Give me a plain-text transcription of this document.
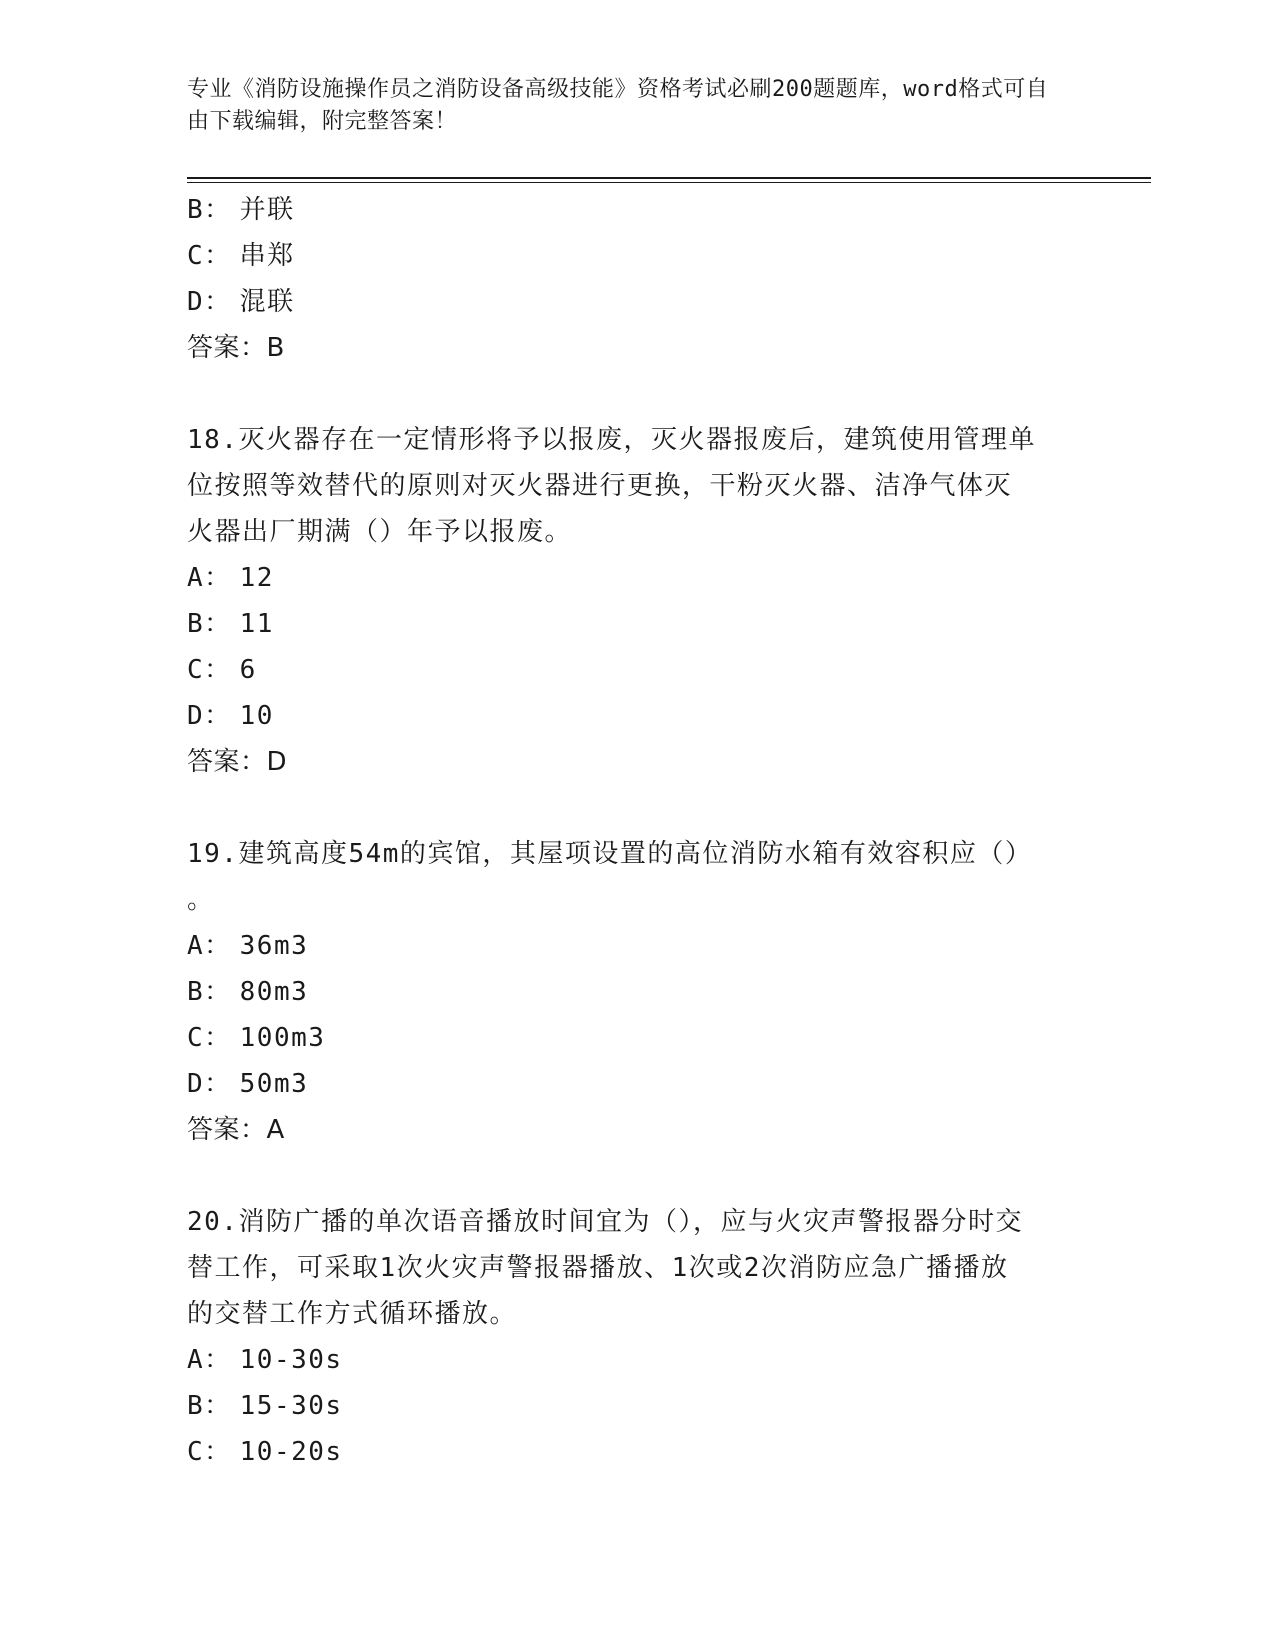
专业《消防设施操作员之消防设备高级技能》资格考试必刷200题题库，word格式可自由下载编辑，附完整答案！

B： 并联

C： 串郑

D： 混联

答案：B

18.灭火器存在一定情形将予以报废，灭火器报废后，建筑使用管理单

位按照等效替代的原则对灭火器进行更换，干粉灭火器、洁净气体灭

火器出厂期满（）年予以报废。

A： 12

B： 11

C： 6

D： 10

答案：D

19.建筑高度54m的宾馆，其屋项设置的高位消防水箱有效容积应（）

。

A： 36m3

B： 80m3

C： 100m3

D： 50m3

答案：A

20.消防广播的单次语音播放时间宜为（），应与火灾声警报器分时交

替工作，可采取1次火灾声警报器播放、1次或2次消防应急广播播放

的交替工作方式循环播放。

A： 10-30s

B： 15-30s

C： 10-20s
